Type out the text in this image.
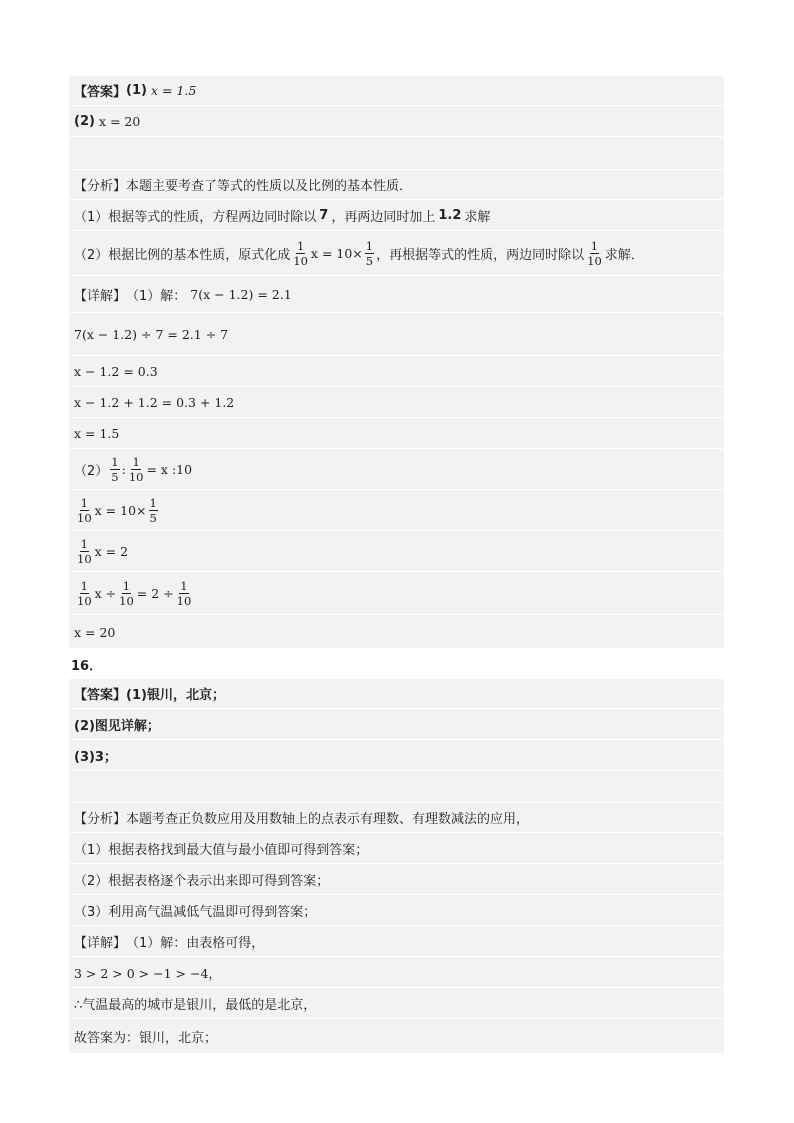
【答案】 (1) x = 1.5
(2) x = 20
【分析】 本题主要考查了等式的性质以及比例的基本性质．
（1）根据等式的性质，方程两边同时除以 7 ，再两边同时加上 1.2 求解
（2）根据比例的基本性质，原式化成 $\frac{1}{10}$ $x = 10\times \frac{1}{5}$ ，再根据等式的性质，两边同时除以 $\frac{1}{10}$ 求解．
【详解】 （1）解： 7(x − 1.2) = 2.1
7(x − 1.2) ÷ 7 = 2.1 ÷ 7
x − 1.2 = 0.3
x − 1.2 + 1.2 = 0.3 + 1.2
x = 1.5
$(2) \frac{1}{5}$ : $\frac{1}{10} = x$ :10
$\frac{1}{10}$ $x = 10\times \frac{1}{5}$
$\frac{1}{10}$ x = 2
$\frac{1}{10}$ $x \div \frac{1}{10} = 2 \div \frac{1}{10}$
x = 20
16．
【答案】 (1)银川，北京；
(2)图见详解；
(3)3；
【分析】 本题考查正负数应用及用数轴上的点表示有理数、有理数减法的应用，
（1）根据表格找到最大值与最小值即可得到答案；
（2）根据表格逐个表示出来即可得到答案；
（3）利用高气温减低气温即可得到答案；
【详解】 （1）解：由表格可得，
3 > 2 > 0 > −1 > −4，
∴气温最高的城市是银川，最低的是北京，
故答案为：银川，北京；
